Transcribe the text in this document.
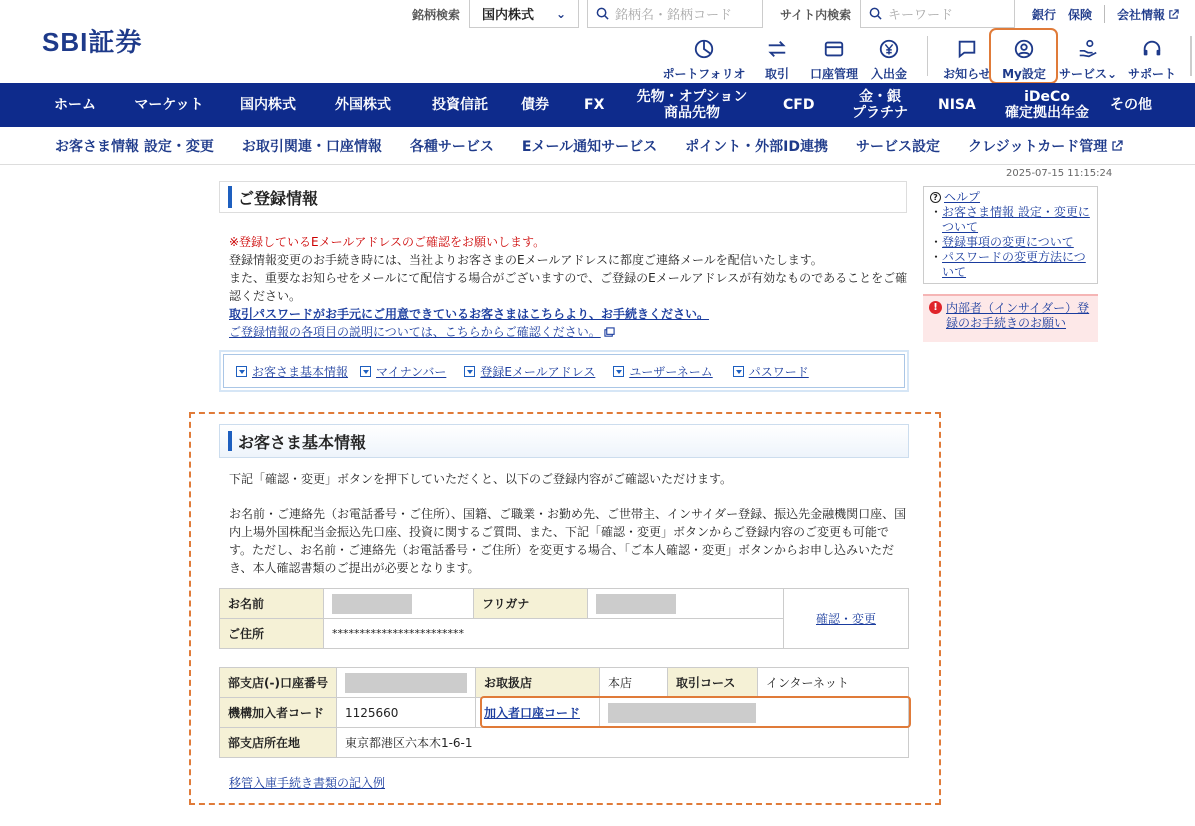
SBI証券
銘柄検索 国内株式 ⌄	銘柄名・銘柄コード	サイト内検索	キーワード	銀行 保険 会社情報
ポートフォリオ 取引 口座管理 入出金	お知らせ My設定 サービス⌄ サポート
ホーム	マーケット	国内株式	外国株式	投資信託 債券	FX 先物・オプション
商品先物	CFD	金・銀
プラチナ NISA	iDeCo
確定拠出年金 その他
お客さま情報 設定・変更 お取引関連・口座情報 各種サービス Eメール通知サービス ポイント・外部ID連携 サービス設定 クレジットカード管理
2025-07-15 11:15:24
ご登録情報
※登録しているEメールアドレスのご確認をお願いします。
登録情報変更のお手続き時には、当社よりお客さまのEメールアドレスに都度ご連絡メールを配信いたします。
また、重要なお知らせをメールにて配信する場合がございますので、ご登録のEメールアドレスが有効なものであることをご確認ください。
取引パスワードがお手元にご用意できているお客さまはこちらより、お手続きください。
ご登録情報の各項目の説明については、こちらからご確認ください。
お客さま基本情報 マイナンバー	登録Eメールアドレス	ユーザーネーム	パスワード
? ヘルプ
・ お客さま情報 設定・変更について
・ 登録事項の変更について
・ パスワードの変更方法について
! 内部者（インサイダー）登録のお手続きのお願い
お客さま基本情報
下記「確認・変更」ボタンを押下していただくと、以下のご登録内容がご確認いただけます。
お名前・ご連絡先（お電話番号・ご住所）、国籍、ご職業・お勤め先、ご世帯主、インサイダー登録、振込先金融機関口座、国内上場外国株配当金振込先口座、投資に関するご質問、また、下記「確認・変更」ボタンからご登録内容のご変更も可能です。ただし、お名前・ご連絡先（お電話番号・ご住所）を変更する場合、「ご本人確認・変更」ボタンからお申し込みいただき、本人確認書類のご提出が必要となります。
お名前		フリガナ		確認・変更
ご住所	************************			
部支店(-)口座番号		お取扱店	本店	取引コース	インターネット
機構加入者コード	1125660	加入者口座コード			
部支店所在地	東京都港区六本木1-6-1				
移管入庫手続き書類の記入例
